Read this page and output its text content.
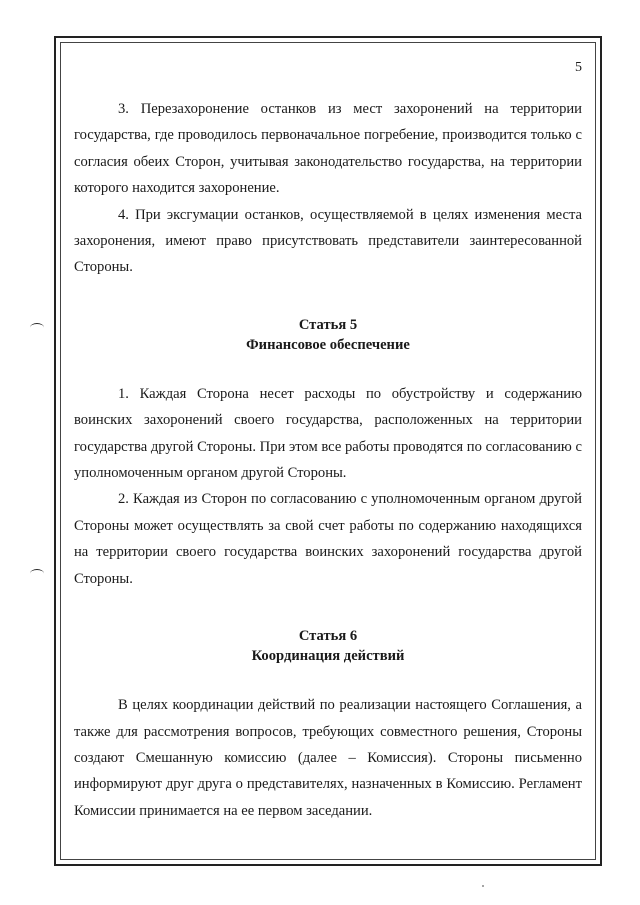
5

3. Перезахоронение останков из мест захоронений на территории государства, где проводилось первоначальное погребение, производится только с согласия обеих Сторон, учитывая законодательство государства, на территории которого находится захоронение.

4. При эксгумации останков, осуществляемой в целях изменения места захоронения, имеют право присутствовать представители заинтересованной Стороны.

Статья 5
Финансовое обеспечение

1. Каждая Сторона несет расходы по обустройству и содержанию воинских захоронений своего государства, расположенных на территории государства другой Стороны. При этом все работы проводятся по согласованию с уполномоченным органом другой Стороны.

2. Каждая из Сторон по согласованию с уполномоченным органом другой Стороны может осуществлять за свой счет работы по содержанию находящихся на территории своего государства воинских захоронений государства другой Стороны.

Статья 6
Координация действий

В целях координации действий по реализации настоящего Соглашения, а также для рассмотрения вопросов, требующих совместного решения, Стороны создают Смешанную комиссию (далее – Комиссия). Стороны письменно информируют друг друга о представителях, назначенных в Комиссию. Регламент Комиссии принимается на ее первом заседании.
